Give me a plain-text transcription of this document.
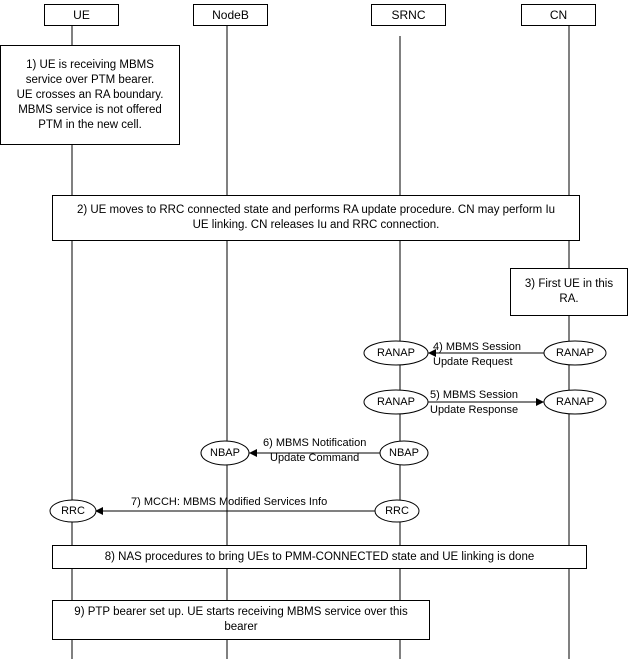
UE	NodeB	SRNC	CN
1) UE is receiving MBMS
service over PTM bearer.
UE crosses an RA boundary.
MBMS service is not offered
PTM in the new cell.
2) UE moves to RRC connected state and performs RA update procedure. CN may perform Iu
UE linking. CN releases Iu and RRC connection.
3) First UE in this
RA.
8) NAS procedures to bring UEs to PMM-CONNECTED state and UE linking is done
9) PTP bearer set up. UE starts receiving MBMS service over this
bearer
RANAP	RANAP
RANAP	RANAP
NBAP	NBAP
RRC	RRC
4) MBMS Session
Update Request
5) MBMS Session
Update Response
6) MBMS Notification
Update Command
7) MCCH: MBMS Modified Services Info
